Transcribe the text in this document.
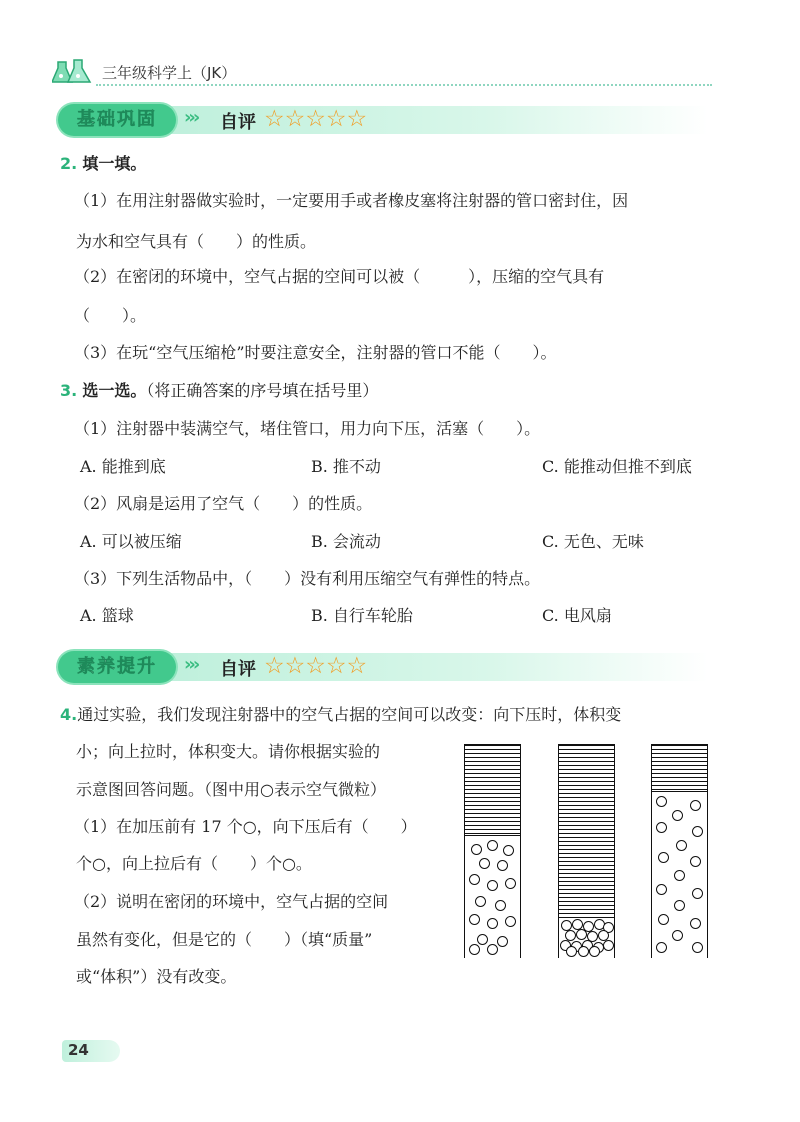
三年级科学上（JK）
基础巩固	››› 自评 ☆☆☆☆☆
2. 填一填。
（1）在用注射器做实验时，一定要用手或者橡皮塞将注射器的管口密封住，因
为水和空气具有（　　）的性质。
（2）在密闭的环境中，空气占据的空间可以被（　　　），压缩的空气具有
（　　）。
（3）在玩“空气压缩枪”时要注意安全，注射器的管口不能（　　）。
3. 选一选。（将正确答案的序号填在括号里）
（1）注射器中装满空气，堵住管口，用力向下压，活塞（　　）。
A. 能推到底	B. 推不动	C. 能推动但推不到底
（2）风扇是运用了空气（　　）的性质。
A. 可以被压缩	B. 会流动	C. 无色、无味
（3）下列生活物品中，（　　）没有利用压缩空气有弹性的特点。
A. 篮球	B. 自行车轮胎	C. 电风扇
素养提升	››› 自评 ☆☆☆☆☆
4.通过实验，我们发现注射器中的空气占据的空间可以改变：向下压时，体积变
小；向上拉时，体积变大。请你根据实验的
示意图回答问题。（图中用○表示空气微粒）
（1）在加压前有 17 个○，向下压后有（　　）
个○，向上拉后有（　　）个○。
（2）说明在密闭的环境中，空气占据的空间
虽然有变化，但是它的（　　）（填“质量”
或“体积”）没有改变。
24
